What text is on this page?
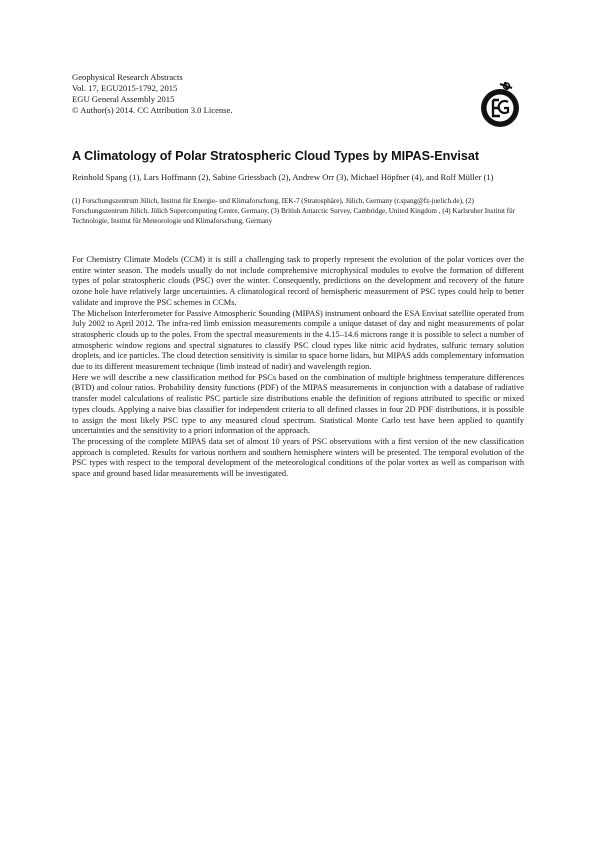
Geophysical Research Abstracts
Vol. 17, EGU2015-1792, 2015
EGU General Assembly 2015
© Author(s) 2014. CC Attribution 3.0 License.
A Climatology of Polar Stratospheric Cloud Types by MIPAS-Envisat
Reinhold Spang (1), Lars Hoffmann (2), Sabine Griessbach (2), Andrew Orr (3), Michael Höpfner (4), and Rolf Müller (1)
(1) Forschungszentrum Jülich, Institut für Energie- und Klimaforschung, IEK-7 (Stratosphäre), Jülich, Germany (r.spang@fz-juelich.de), (2) Forschungszentrum Jülich, Jülich Supercomputing Centre, Germany, (3) British Antarctic Survey, Cambridge, United Kingdom , (4) Karlsruher Institut für Technologie, Institut für Meteorologie und Klimaforschung, Germany

For Chemistry Climate Models (CCM) it is still a challenging task to properly represent the evolution of the polar vortices over the entire winter season. The models usually do not include comprehensive microphysical modules to evolve the formation of different types of polar stratospheric clouds (PSC) over the winter. Consequently, predictions on the development and recovery of the future ozone hole have relatively large uncertainties. A climatological record of hemispheric measurement of PSC types could help to better validate and improve the PSC schemes in CCMs.

The Michelson Interferometer for Passive Atmospheric Sounding (MIPAS) instrument onboard the ESA Envisat satellite operated from July 2002 to April 2012. The infra-red limb emission measurements compile a unique dataset of day and night measurements of polar stratospheric clouds up to the poles. From the spectral measurements in the 4.15–14.6 microns range it is possible to select a number of atmospheric window regions and spectral signatures to classify PSC cloud types like nitric acid hydrates, sulfuric ternary solution droplets, and ice particles. The cloud detection sensitivity is similar to space borne lidars, but MIPAS adds complementary information due to its different measurement technique (limb instead of nadir) and wavelength region.

Here we will describe a new classification method for PSCs based on the combination of multiple brightness temperature differences (BTD) and colour ratios. Probability density functions (PDF) of the MIPAS measurements in conjunction with a database of radiative transfer model calculations of realistic PSC particle size distributions enable the definition of regions attributed to specific or mixed types clouds. Applying a naive bias classifier for independent criteria to all defined classes in four 2D PDF distributions, it is possible to assign the most likely PSC type to any measured cloud spectrum. Statistical Monte Carlo test have been applied to quantify uncertainties and the sensitivity to a priori information of the approach.

The processing of the complete MIPAS data set of almost 10 years of PSC observations with a first version of the new classification approach is completed. Results for various northern and southern hemisphere winters will be presented. The temporal evolution of the PSC types with respect to the temporal development of the meteorological conditions of the polar vortex as well as comparison with space and ground based lidar measurements will be investigated.
